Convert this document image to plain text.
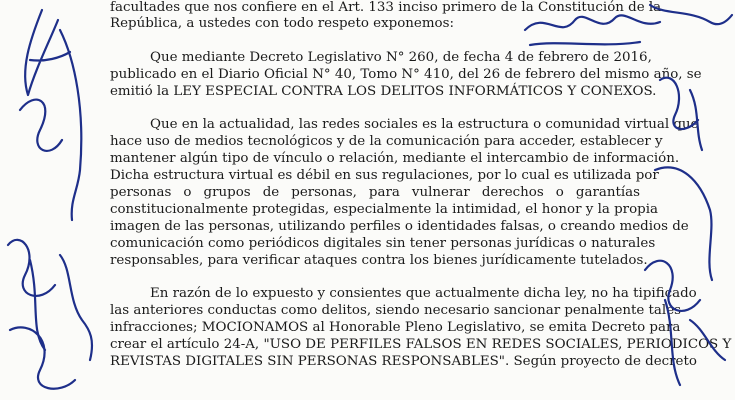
facultades que nos confiere en el Art. 133 inciso primero de la Constitución de la
República, a ustedes con todo respeto exponemos:
Que mediante Decreto Legislativo N° 260, de fecha 4 de febrero de 2016,
publicado en el Diario Oficial N° 40, Tomo N° 410, del 26 de febrero del mismo año, se
emitió la LEY ESPECIAL CONTRA LOS DELITOS INFORMÁTICOS Y CONEXOS.
Que en la actualidad, las redes sociales es la estructura o comunidad virtual que
hace uso de medios tecnológicos y de la comunicación para acceder, establecer y
mantener algún tipo de vínculo o relación, mediante el intercambio de información.
Dicha estructura virtual es débil en sus regulaciones, por lo cual es utilizada por
personas o grupos de personas, para vulnerar derechos o garantías
constitucionalmente protegidas, especialmente la intimidad, el honor y la propia
imagen de las personas, utilizando perfiles o identidades falsas, o creando medios de
comunicación como periódicos digitales sin tener personas jurídicas o naturales
responsables, para verificar ataques contra los bienes jurídicamente tutelados.
En razón de lo expuesto y consientes que actualmente dicha ley, no ha tipificado
las anteriores conductas como delitos, siendo necesario sancionar penalmente tales
infracciones; MOCIONAMOS al Honorable Pleno Legislativo, se emita Decreto para
crear el artículo 24-A, "USO DE PERFILES FALSOS EN REDES SOCIALES, PERIODICOS Y
REVISTAS DIGITALES SIN PERSONAS RESPONSABLES". Según proyecto de decreto
